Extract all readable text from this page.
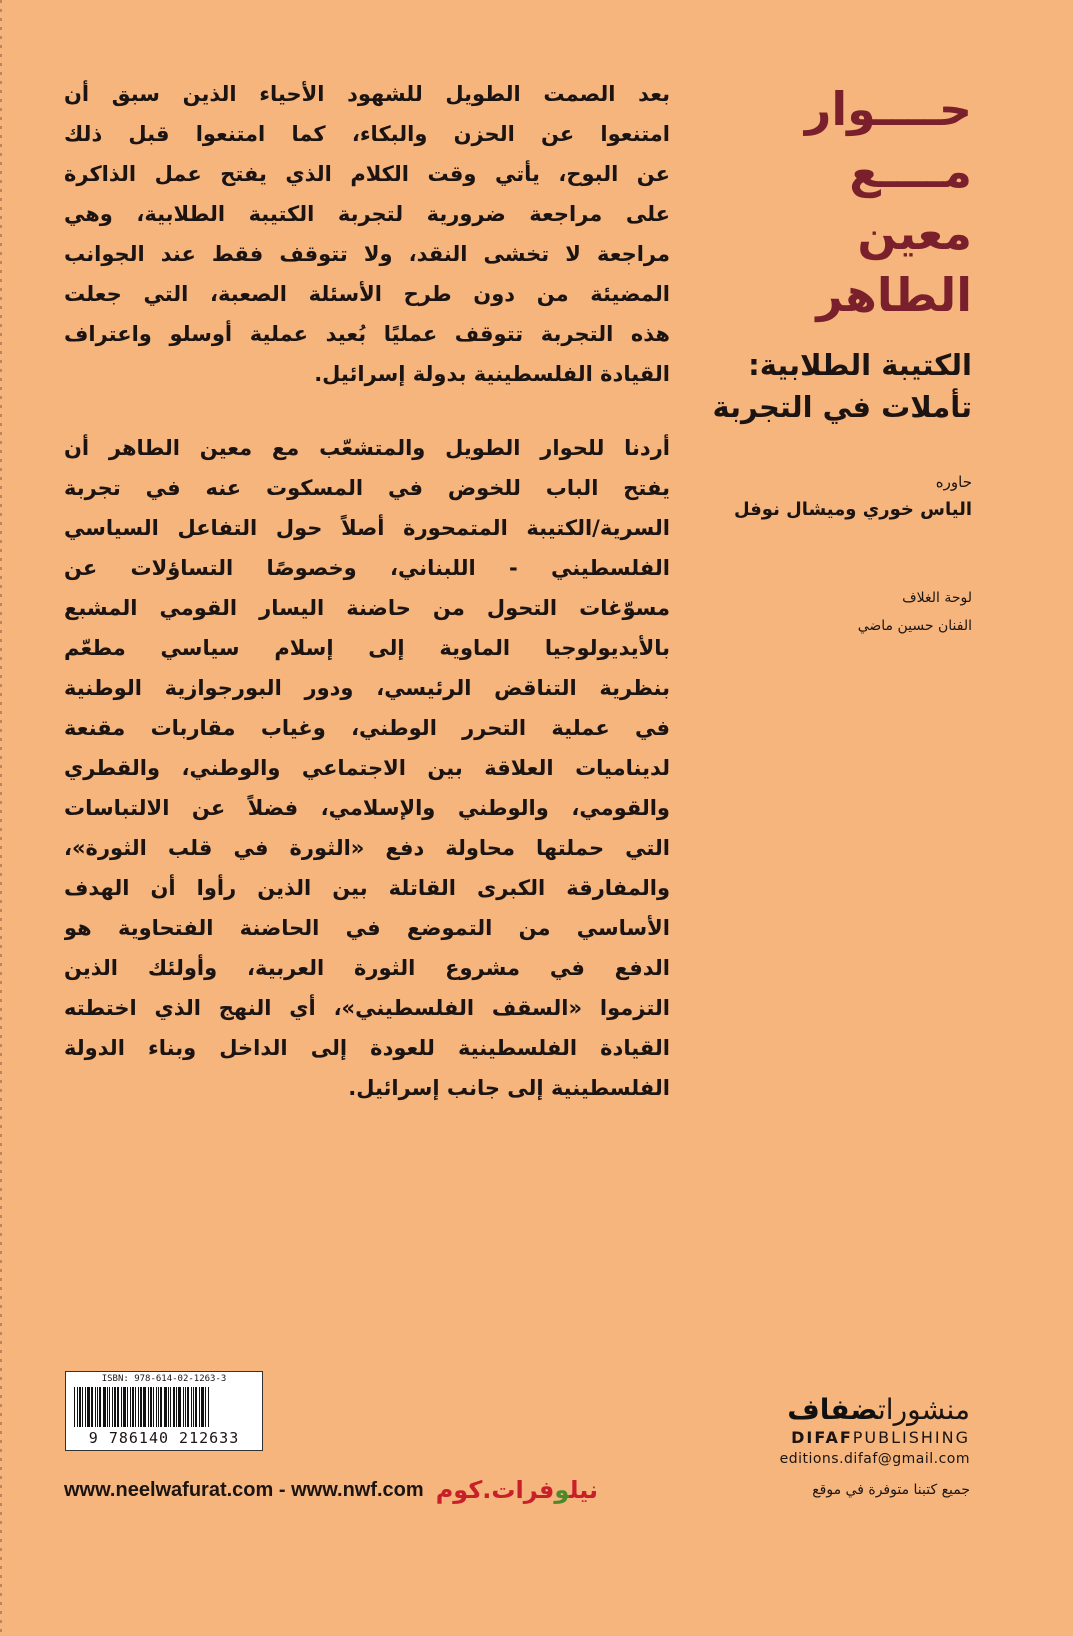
بعد الصمت الطويل للشهود الأحياء الذين سبق أن
امتنعوا عن الحزن والبكاء، كما امتنعوا قبل ذلك
عن البوح، يأتي وقت الكلام الذي يفتح عمل الذاكرة
على مراجعة ضرورية لتجربة الكتيبة الطلابية، وهي
مراجعة لا تخشى النقد، ولا تتوقف فقط عند الجوانب
المضيئة من دون طرح الأسئلة الصعبة، التي جعلت
هذه التجربة تتوقف عمليًا بُعيد عملية أوسلو واعتراف
القيادة الفلسطينية بدولة إسرائيل.
أردنا للحوار الطويل والمتشعّب مع معين الطاهر أن
يفتح الباب للخوض في المسكوت عنه في تجربة
السرية/الكتيبة المتمحورة أصلاً حول التفاعل السياسي
الفلسطيني - اللبناني، وخصوصًا التساؤلات عن
مسوّغات التحول من حاضنة اليسار القومي المشبع
بالأيديولوجيا الماوية إلى إسلام سياسي مطعّم
بنظرية التناقض الرئيسي، ودور البورجوازية الوطنية
في عملية التحرر الوطني، وغياب مقاربات مقنعة
لديناميات العلاقة بين الاجتماعي والوطني، والقطري
والقومي، والوطني والإسلامي، فضلاً عن الالتباسات
التي حملتها محاولة دفع «الثورة في قلب الثورة»،
والمفارقة الكبرى القاتلة بين الذين رأوا أن الهدف
الأساسي من التموضع في الحاضنة الفتحاوية هو
الدفع في مشروع الثورة العربية، وأولئك الذين
التزموا «السقف الفلسطيني»، أي النهج الذي اختطته
القيادة الفلسطينية للعودة إلى الداخل وبناء الدولة
الفلسطينية إلى جانب إسرائيل.
حــــوار مــــع
معين الطاهر
الكتيبة الطلابية:
تأملات في التجربة
حاوره
الياس خوري وميشال نوفل
لوحة الغلاف
الفنان حسين ماضي
ISBN: 978-614-02-1263-3
9 786140 212633
منشوراتضفاف
DIFAFPUBLISHING
editions.difaf@gmail.com
www.neelwafurat.com - www.nwf.com	نيلوفرات.كوم	جميع كتبنا متوفرة في موقع
